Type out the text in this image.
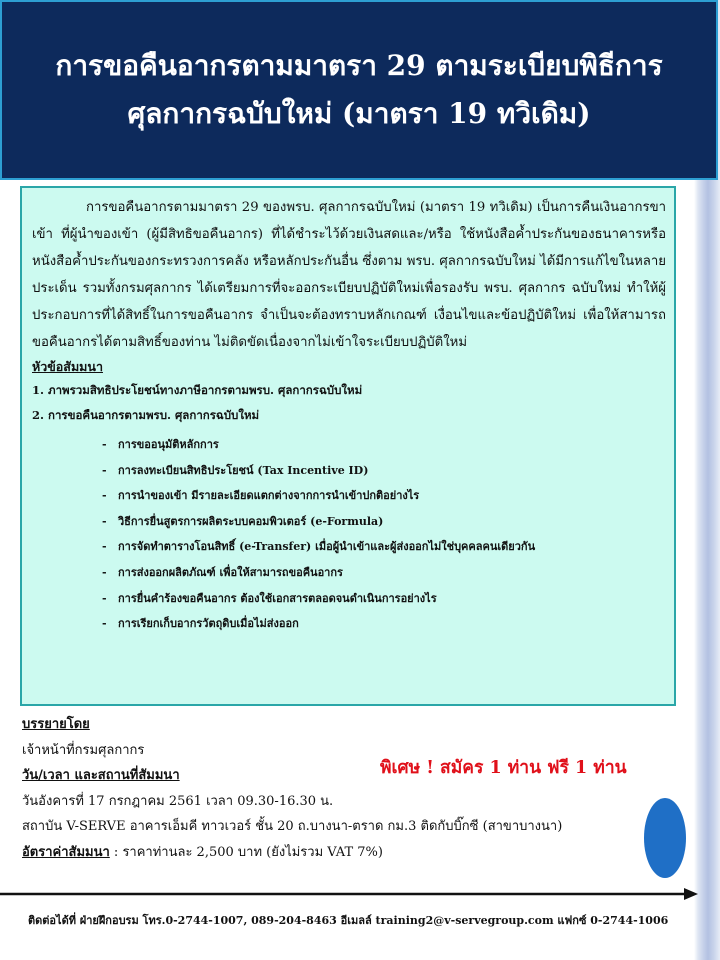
การขอคืนอากรตามมาตรา 29 ตามระเบียบพิธีการ
ศุลกากรฉบับใหม่ (มาตรา 19 ทวิเดิม)

การขอคืนอากรตามมาตรา 29 ของพรบ. ศุลกากรฉบับใหม่ (มาตรา 19 ทวิเดิม) เป็นการคืนเงินอากรขาเข้า ที่ผู้นำของเข้า (ผู้มีสิทธิขอคืนอากร) ที่ได้ชำระไว้ด้วยเงินสดและ/หรือ ใช้หนังสือค้ำประกันของธนาคารหรือ หนังสือค้ำประกันของกระทรวงการคลัง หรือหลักประกันอื่น ซึ่งตาม พรบ. ศุลกากรฉบับใหม่ ได้มีการแก้ไขในหลายประเด็น รวมทั้งกรมศุลกากร ได้เตรียมการที่จะออกระเบียบปฏิบัติใหม่เพื่อรองรับ พรบ. ศุลกากร ฉบับใหม่ ทำให้ผู้ประกอบการที่ได้สิทธิ์ในการขอคืนอากร จำเป็นจะต้องทราบหลักเกณฑ์ เงื่อนไขและข้อปฏิบัติใหม่ เพื่อให้สามารถขอคืนอากรได้ตามสิทธิ์ของท่าน ไม่ติดขัดเนื่องจากไม่เข้าใจระเบียบปฏิบัติใหม่

หัวข้อสัมมนา
1. ภาพรวมสิทธิประโยชน์ทางภาษีอากรตามพรบ. ศุลกากรฉบับใหม่
2. การขอคืนอากรตามพรบ. ศุลกากรฉบับใหม่
- การขออนุมัติหลักการ
- การลงทะเบียนสิทธิประโยชน์ (Tax Incentive ID)
- การนำของเข้า มีรายละเอียดแตกต่างจากการนำเข้าปกติอย่างไร
- วิธีการยื่นสูตรการผลิตระบบคอมพิวเตอร์ (e-Formula)
- การจัดทำตารางโอนสิทธิ์ (e-Transfer) เมื่อผู้นำเข้าและผู้ส่งออกไม่ใช่บุคคลคนเดียวกัน
- การส่งออกผลิตภัณฑ์ เพื่อให้สามารถขอคืนอากร
- การยื่นคำร้องขอคืนอากร ต้องใช้เอกสารตลอดจนดำเนินการอย่างไร
- การเรียกเก็บอากรวัตถุดิบเมื่อไม่ส่งออก
บรรยายโดย
เจ้าหน้าที่กรมศุลกากร
วัน/เวลา และสถานที่สัมมนา
วันอังคารที่ 17 กรกฎาคม 2561 เวลา 09.30-16.30 น.
สถาบัน V-SERVE อาคารเอ็มคี ทาวเวอร์ ชั้น 20 ถ.บางนา-ตราด กม.3 ติดกับบิ๊กซี (สาขาบางนา)
อัตราค่าสัมมนา : ราคาท่านละ 2,500 บาท (ยังไม่รวม VAT 7%)
พิเศษ ! สมัคร 1 ท่าน ฟรี 1 ท่าน
ติดต่อได้ที่ ฝ่ายฝึกอบรม โทร.0-2744-1007, 089-204-8463 อีเมลล์ training2@v-servegroup.com แฟกซ์ 0-2744-1006
